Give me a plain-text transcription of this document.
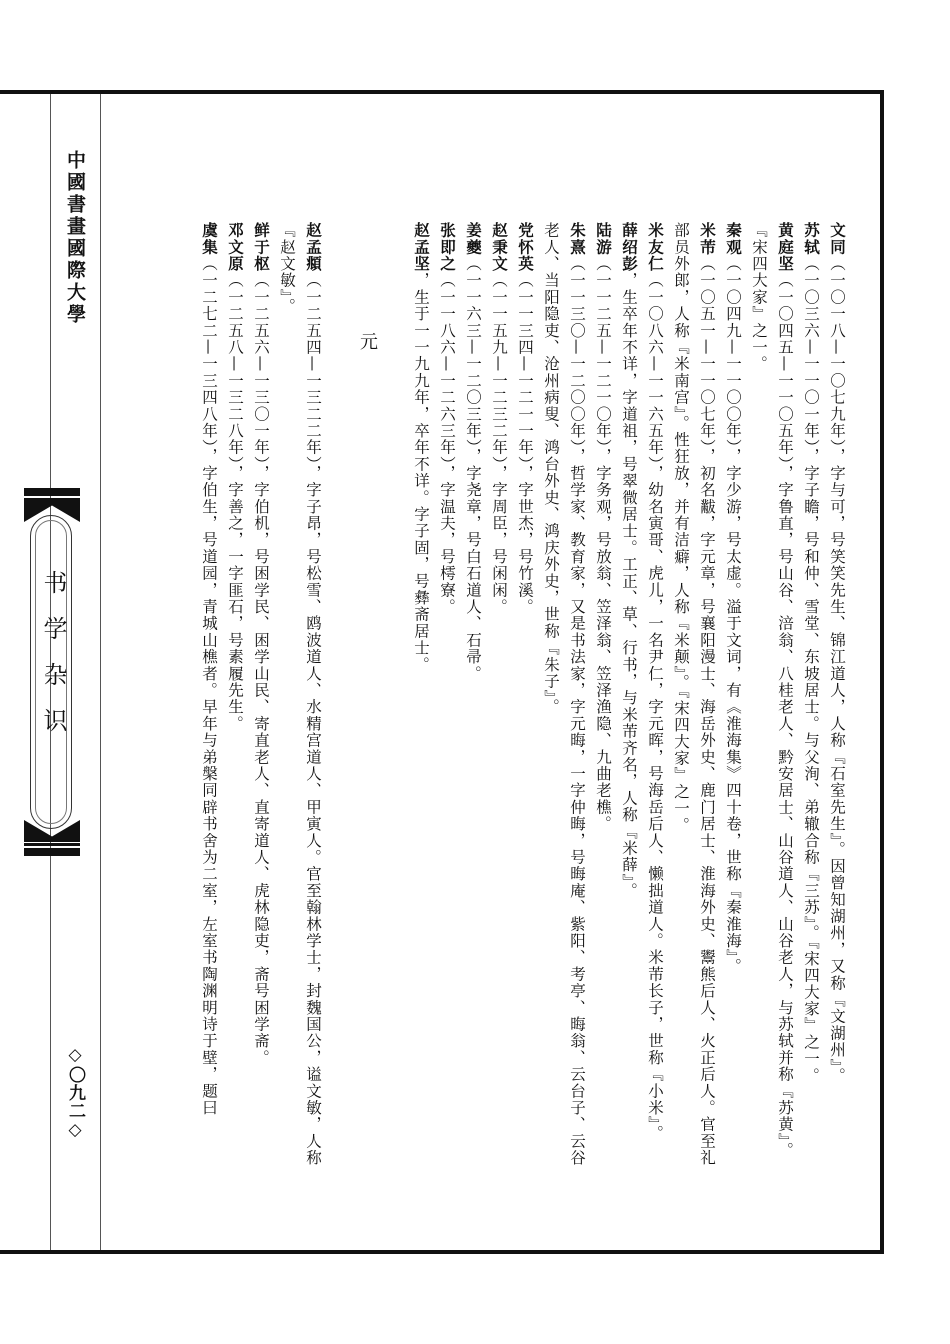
中國書畫國際大學
书学杂识
◇〇九二◇

文同（一〇一八—一〇七九年），字与可，号笑笑先生、锦江道人，人称『石室先生』。因曾知湖州，又称『文湖州』。

苏轼（一〇三六—一一〇一年），字子瞻，号和仲、雪堂、东坡居士。与父洵、弟辙合称『三苏』。『宋四大家』之一。

黄庭坚（一〇四五—一一〇五年），字鲁直，号山谷、涪翁、八桂老人、黔安居士、山谷道人、山谷老人，与苏轼并称『苏黄』。『宋四大家』之一。

秦观（一〇四九—一一〇〇年），字少游，号太虚。溢于文词，有《淮海集》四十卷，世称『秦淮海』。

米芾（一〇五一—一一〇七年），初名黻，字元章，号襄阳漫士、海岳外史、鹿门居士、淮海外史、鬻熊后人、火正后人。官至礼部员外郎，人称『米南宫』。性狂放，并有洁癖，人称『米颠』。『宋四大家』之一。

米友仁（一〇八六—一一六五年），幼名寅哥、虎儿，一名尹仁，字元晖，号海岳后人、懒拙道人。米芾长子，世称『小米』。

薛绍彭，生卒年不详，字道祖，号翠微居士。工正、草、行书，与米芾齐名，人称『米薛』。

陆游（一一二五—一二一〇年），字务观，号放翁、笠泽翁、笠泽渔隐、九曲老樵。

朱熹（一一三〇—一二〇〇年），哲学家、教育家，又是书法家，字元晦，一字仲晦，号晦庵、紫阳、考亭、晦翁、云台子、云谷老人、当阳隐吏、沧州病叟、鸿台外史、鸿庆外史，世称『朱子』。

党怀英（一一三四—一二一一年），字世杰，号竹溪。

赵秉文（一一五九—一二三二年），字周臣，号闲闲。

姜夔（一一六三—一二〇三年），字尧章，号白石道人、石帚。

张即之（一一八六—一二六三年），字温夫，号樗寮。

赵孟坚，生于一一九九年，卒年不详。字子固，号彝斋居士。

元

赵孟頫（一二五四—一三二二年），字子昂，号松雪、鸥波道人、水精宫道人、甲寅人。官至翰林学士，封魏国公，谥文敏，人称『赵文敏』。

鲜于枢（一二五六—一三〇一年），字伯机，号困学民、困学山民、寄直老人、直寄道人、虎林隐吏，斋号困学斋。

邓文原（一二五八—一三二八年），字善之，一字匪石，号素履先生。

虞集（一二七二—一三四八年），字伯生，号道园，青城山樵者。早年与弟槃同辟书舍为二室，左室书陶渊明诗于壁，题曰
